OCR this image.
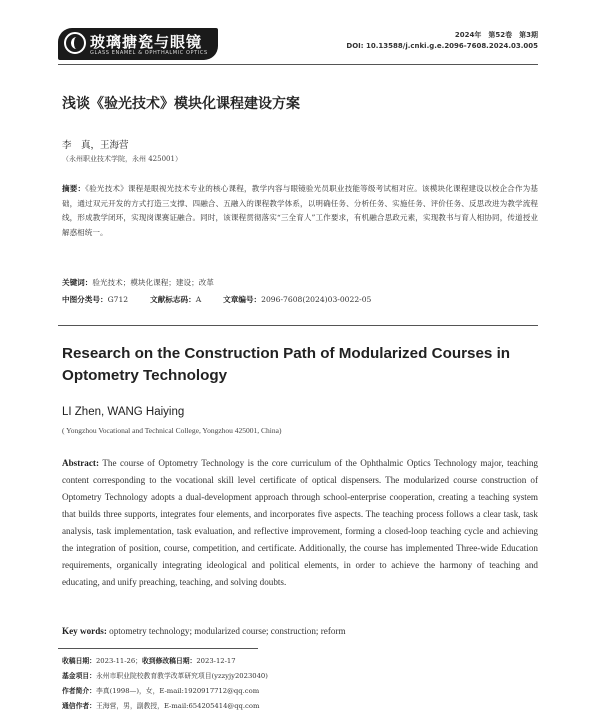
玻璃搪瓷与眼镜
GLASS ENAMEL & OPHTHALMIC OPTICS
2024年　第52卷　第3期
DOI: 10.13588/j.cnki.g.e.2096-7608.2024.03.005
浅谈《验光技术》模块化课程建设方案
李　真，王海营
（永州职业技术学院，永州 425001）
摘要：《验光技术》课程是眼视光技术专业的核心课程，教学内容与眼镜验光员职业技能等级考试相对应。该模块化课程建设以校企合作为基础，通过双元开发的方式打造三支撑、四融合、五融入的课程教学体系，以明确任务、分析任务、实施任务、评价任务、反思改进为教学流程线，形成教学闭环，实现岗课赛证融合。同时，该课程贯彻落实“三全育人”工作要求，有机融合思政元素，实现教书与育人相协同，传道授业解惑相统一。
关键词：验光技术；模块化课程；建设；改革
中图分类号：G712	文献标志码：A	文章编号：2096-7608(2024)03-0022-05
Research on the Construction Path of Modularized Courses in Optometry Technology
LI Zhen, WANG Haiying
( Yongzhou Vocational and Technical College, Yongzhou 425001, China)
Abstract: The course of Optometry Technology is the core curriculum of the Ophthalmic Optics Technology major, teaching content corresponding to the vocational skill level certificate of optical dispensers. The modularized course construction of Optometry Technology adopts a dual-development approach through school-enterprise cooperation, creating a teaching system that builds three supports, integrates four elements, and incorporates five aspects. The teaching process follows a clear task, task analysis, task implementation, task evaluation, and reflective improvement, forming a closed-loop teaching cycle and achieving the integration of position, course, competition, and certificate. Additionally, the course has implemented Three-wide Education requirements, organically integrating ideological and political elements, in order to achieve the harmony of teaching and educating, and unify preaching, teaching, and solving doubts.
Key words: optometry technology; modularized course; construction; reform
收稿日期：2023-11-26；收到修改稿日期：2023-12-17
基金项目：永州市职业院校教育教学改革研究项目(yzzyjy2023040)
作者简介：李真(1998—)，女，E-mail:1920917712@qq.com
通信作者：王海营，男，副教授，E-mail:654205414@qq.com
